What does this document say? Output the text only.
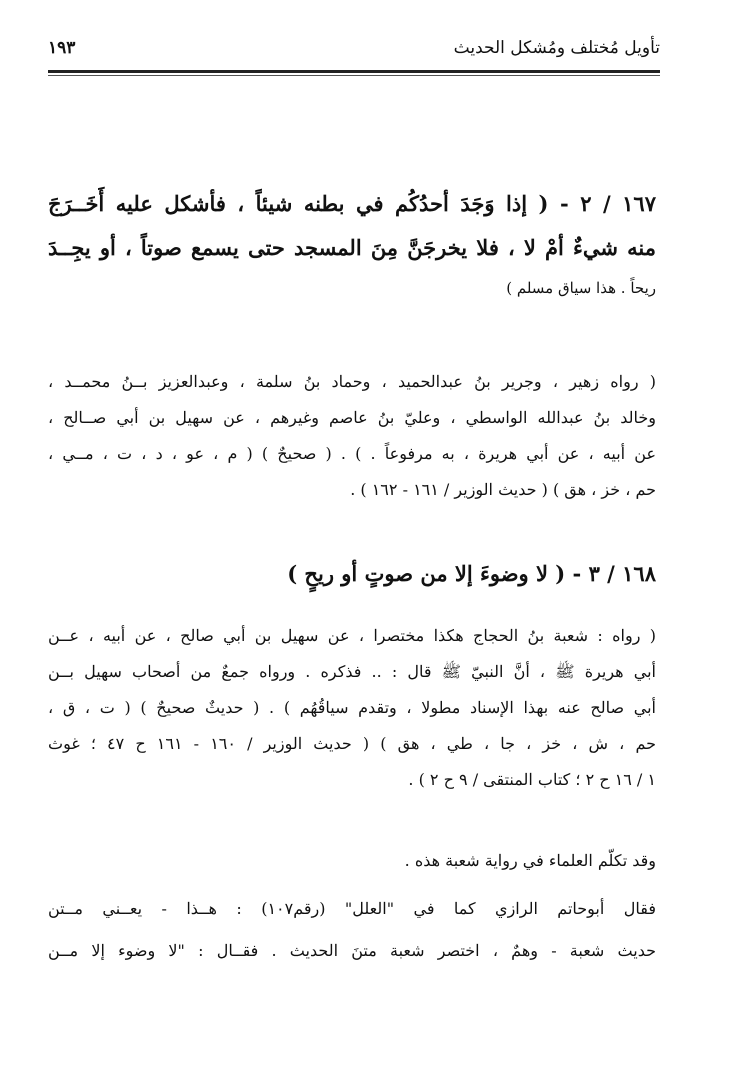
تأويل مُختلف ومُشكل الحديث
١٩٣
١٦٧ / ٢ - ( إذا وَجَدَ أحدُكُم في بطنه شيئاً ، فأشكل عليه أَخَــرَجَ
منه شيءٌ أمْ لا ، فلا يخرجَنَّ مِنَ المسجد حتى يسمع صوتاً ، أو يجِــدَ
ريحاً . هذا سياق مسلم )
( رواه زهير ، وجرير بنُ عبدالحميد ، وحماد بنُ سلمة ، وعبدالعزيز بــنُ محمــد ،
وخالد بنُ عبدالله الواسطي ، وعليّ بنُ عاصم وغيرهم ، عن سهيل بن أبي صــالح ،
عن أبيه ، عن أبي هريرة ، به مرفوعاً . ) . ( صحيحٌ ) ( م ، عو ، د ، ت ، مــي ،
حم ، خز ، هق ) ( حديث الوزير / ١٦١ - ١٦٢ ) .
١٦٨ / ٣ - ( لا وضوءَ إلا من صوتٍ أو ريحٍ )
( رواه : شعبة بنُ الحجاج هكذا مختصرا ، عن سهيل بن أبي صالح ، عن أبيه ، عــن
أبي هريرة ﷺ ، أنَّ النبيّ ﷺ قال : .. فذكره . ورواه جمعٌ من أصحاب سهيل بــن
أبي صالح عنه بهذا الإسناد مطولا ، وتقدم سياقُهُم ) . ( حديثٌ صحيحٌ ) ( ت ، ق ،
حم ، ش ، خز ، جا ، طي ، هق ) ( حديث الوزير / ١٦٠ - ١٦١ ح ٤٧ ؛ غوث
١ / ١٦ ح ٢ ؛ كتاب المنتقى / ٩ ح ٢ ) .
وقد تكلّم العلماء في رواية شعبة هذه .
فقال أبوحاتم الرازي كما في "العلل" (رقم١٠٧) : هــذا - يعــني مــتن
حديث شعبة - وهمٌ ، اختصر شعبة متنَ الحديث . فقــال : "لا وضوء إلا مــن
